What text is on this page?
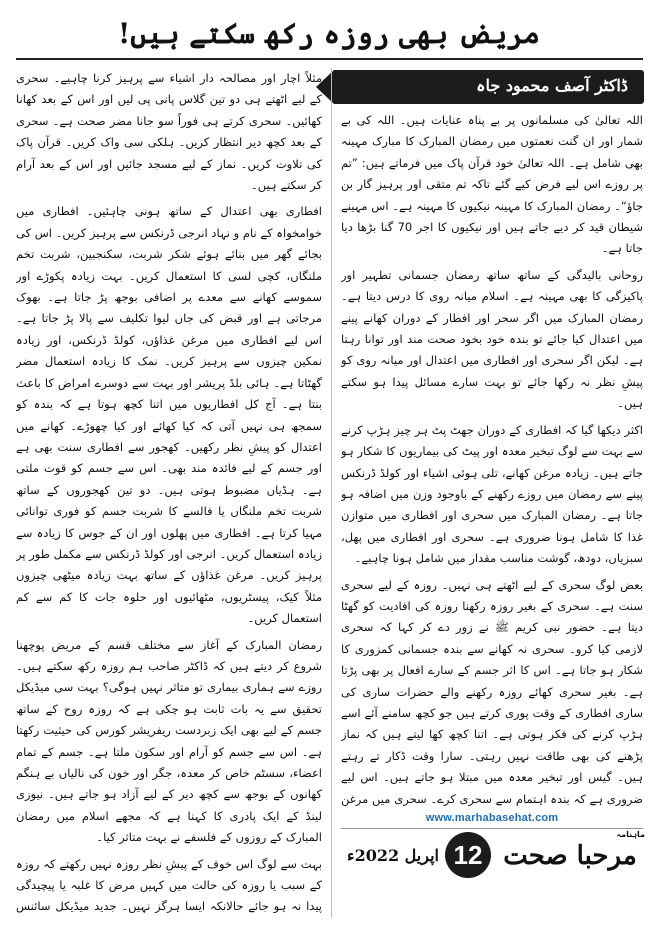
مریض بھی روزہ رکھ سکتے ہیں!
ڈاکٹر آصف محمود جاہ

اللہ تعالیٰ کی مسلمانوں پر بے پناہ عنایات ہیں۔ اللہ کی بے شمار اور ان گنت نعمتوں میں رمضان المبارک کا مبارک مہینہ بھی شامل ہے۔ اللہ تعالیٰ خود قرآن پاک میں فرماتے ہیں: ”تم پر روزے اس لیے فرض کیے گئے تاکہ تم متقی اور پرہیز گار بن جاؤ“۔ رمضان المبارک کا مہینہ نیکیوں کا مہینہ ہے۔ اس مہینے شیطان قید کر دیے جاتے ہیں اور نیکیوں کا اجر 70 گنا بڑھا دیا جاتا ہے۔

روحانی بالیدگی کے ساتھ ساتھ رمضان جسمانی تطہیر اور پاکیزگی کا بھی مہینہ ہے۔ اسلام میانہ روی کا درس دیتا ہے۔ رمضان المبارک میں اگر سحر اور افطار کے دوران کھانے پینے میں اعتدال کیا جائے تو بندہ خود بخود صحت مند اور توانا رہتا ہے۔ لیکن اگر سحری اور افطاری میں اعتدال اور میانہ روی کو پیشِ نظر نہ رکھا جائے تو بہت سارے مسائل پیدا ہو سکتے ہیں۔

اکثر دیکھا گیا کہ افطاری کے دوران جھٹ پٹ ہر چیز ہڑپ کرنے سے بہت سے لوگ تبخیر معدہ اور پیٹ کی بیماریوں کا شکار ہو جاتے ہیں۔ زیادہ مرغن کھانے، تلی ہوئی اشیاء اور کولڈ ڈرنکس پینے سے رمضان میں روزے رکھنے کے باوجود وزن میں اضافہ ہو جاتا ہے۔ رمضان المبارک میں سحری اور افطاری میں متوازن غذا کا شامل ہونا ضروری ہے۔ سحری اور افطاری میں پھل، سبزیاں، دودھ، گوشت مناسب مقدار میں شامل ہونا چاہیے۔

بعض لوگ سحری کے لیے اٹھتے ہی نہیں۔ روزہ کے لیے سحری سنت ہے۔ سحری کے بغیر روزہ رکھنا روزہ کی افادیت کو گھٹا دیتا ہے۔ حضور نبی کریم ﷺ نے زور دے کر کہا کہ سحری لازمی کیا کرو۔ سحری نہ کھانے سے بندہ جسمانی کمزوری کا شکار ہو جاتا ہے۔ اس کا اثر جسم کے سارے افعال پر بھی پڑتا ہے۔ بغیر سحری کھائے روزہ رکھنے والے حضرات ساری کی ساری افطاری کے وقت پوری کرتے ہیں جو کچھ سامنے آئے اسے ہڑپ کرنے کی فکر ہوتی ہے۔ اتنا کچھ کھا لیتے ہیں کہ نماز پڑھنے کی بھی طاقت نہیں رہتی۔ سارا وقت ڈکار تے رہتے ہیں۔ گیس اور تبخیر معدہ میں مبتلا ہو جاتے ہیں۔ اس لیے ضروری ہے کہ بندہ اہتمام سے سحری کرے۔ سحری میں مرغن

مثلاً اچار اور مصالحہ دار اشیاء سے پرہیز کرنا چاہیے۔ سحری کے لیے اٹھتے ہی دو تین گلاس پانی پی لیں اور اس کے بعد کھانا کھائیں۔ سحری کرتے ہی فوراً سو جانا مضر صحت ہے۔ سحری کے بعد کچھ دیر انتظار کریں۔ ہلکی سی واک کریں۔ قرآن پاک کی تلاوت کریں۔ نماز کے لیے مسجد جائیں اور اس کے بعد آرام کر سکتے ہیں۔

افطاری بھی اعتدال کے ساتھ ہونی چاہئیں۔ افطاری میں خوامخواہ کے نام و نہاد انرجی ڈرنکس سے پرہیز کریں۔ اس کی بجائے گھر میں بنائے ہوئے شکر شربت، سکنجبین، شربت تخم ملنگاں، کچی لسی کا استعمال کریں۔ بہت زیادہ پکوڑے اور سموسے کھانے سے معدے پر اضافی بوجھ پڑ جاتا ہے۔ بھوک مرجاتی ہے اور قبض کی جاں لیوا تکلیف سے پالا پڑ جاتا ہے۔ اس لیے افطاری میں مرغن غذاؤں، کولڈ ڈرنکس، اور زیادہ نمکین چیزوں سے پرہیز کریں۔ نمک کا زیادہ استعمال مضر گھٹاتا ہے۔ ہائی بلڈ پریشر اور بہت سے دوسرے امراض کا باعث بنتا ہے۔ آج کل افطاریوں میں اتنا کچھ ہوتا ہے کہ بندہ کو سمجھ ہی نہیں آتی کہ کیا کھائے اور کیا چھوڑے۔ کھانے میں اعتدال کو پیشِ نظر رکھیں۔ کھجور سے افطاری سنت بھی ہے اور جسم کے لیے فائدہ مند بھی۔ اس سے جسم کو قوت ملتی ہے۔ ہڈیاں مضبوط ہوتی ہیں۔ دو تین کھجوروں کے ساتھ شربت تخم ملنگاں یا فالسے کا شربت جسم کو فوری توانائی مہیا کرتا ہے۔ افطاری میں پھلوں اور ان کے جوس کا زیادہ سے زیادہ استعمال کریں۔ انرجی اور کولڈ ڈرنکس سے مکمل طور پر پرہیز کریں۔ مرغن غذاؤں کے ساتھ بہت زیادہ میٹھی چیزوں مثلاً کیک، پیسٹریوں، مٹھائیوں اور حلوہ جات کا کم سے کم استعمال کریں۔

رمضان المبارک کے آغاز سے مختلف قسم کے مریض پوچھنا شروع کر دیتے ہیں کہ ڈاکٹر صاحب ہم روزہ رکھ سکتے ہیں۔ روزے سے ہماری بیماری تو متاثر نہیں ہوگی؟ بہت سی میڈیکل تحقیق سے یہ بات ثابت ہو چکی ہے کہ روزہ روح کے ساتھ جسم کے لیے بھی ایک زبردست ریفریشر کورس کی حیثیت رکھتا ہے۔ اس سے جسم کو آرام اور سکون ملتا ہے۔ جسم کے تمام اعضاء، سسٹم خاص کر معدہ، جگر اور خون کی نالیاں بے ہنگم کھانوں کے بوجھ سے کچھ دیر کے لیے آزاد ہو جاتے ہیں۔ نیوزی لینڈ کے ایک پادری کا کہنا ہے کہ مجھے اسلام میں رمضان المبارک کے روزوں کے فلسفے نے بہت متاثر کیا۔

بہت سے لوگ اس خوف کے پیشِ نظر روزہ نہیں رکھتے کہ روزہ کے سبب یا روزہ کی حالت میں کہیں مرض کا غلبہ یا پیچیدگی پیدا نہ ہو جائے حالانکہ ایسا ہرگز نہیں۔ جدید میڈیکل سائنس

www.marhabasehat.com
اپریل 2022ء 12
ماہنامہ
مرحبا صحت
